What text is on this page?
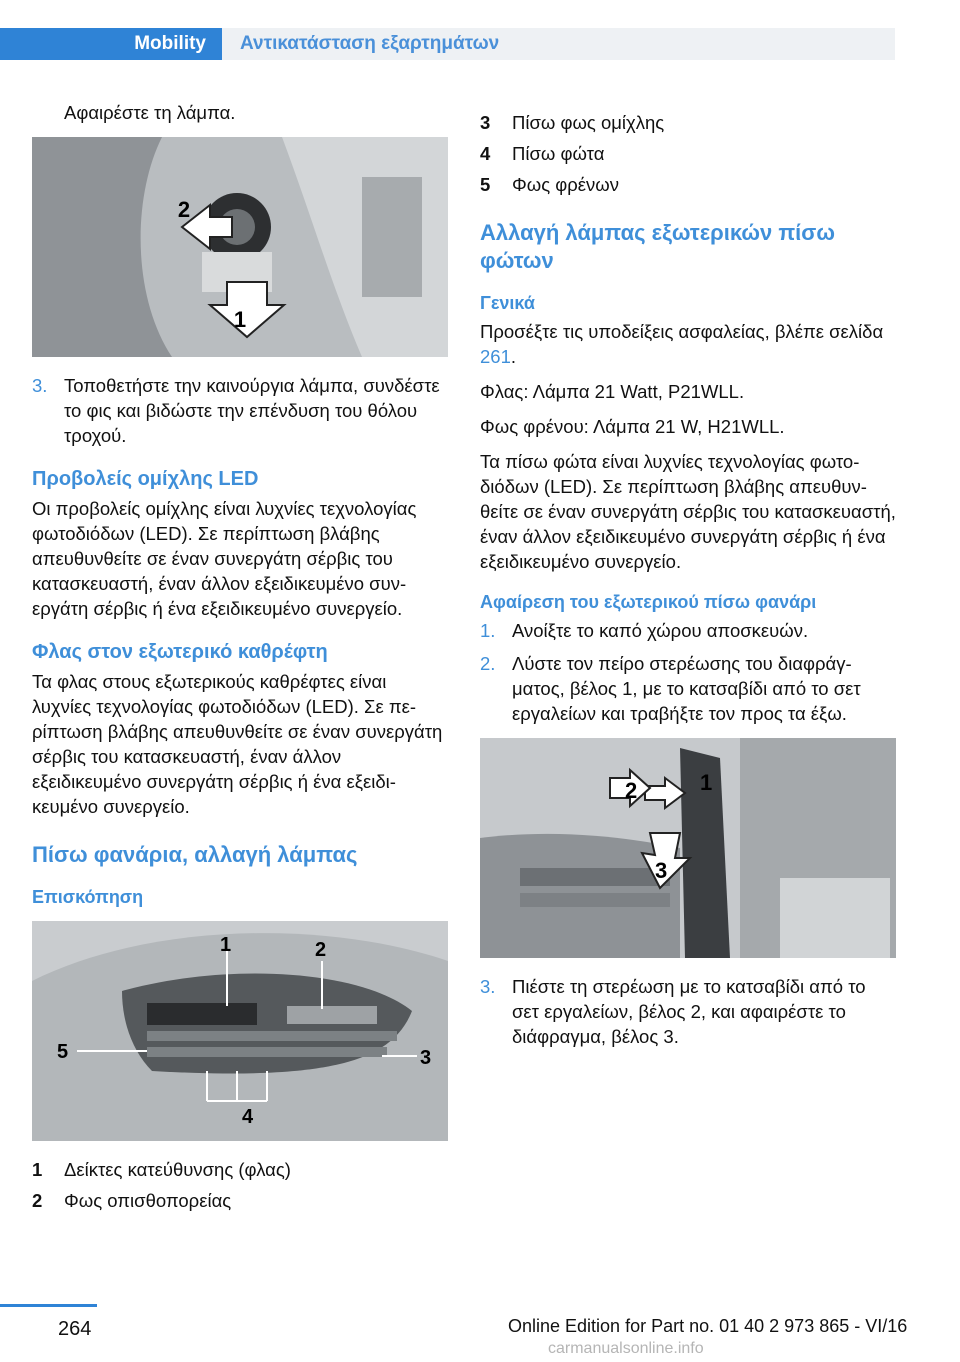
Mobility	Αντικατάσταση εξαρτημάτων
Αφαιρέστε τη λάμπα.
1
2
3. Τοποθετήστε την καινούργια λάμπα, συνδέστε το φις και βιδώστε την επένδυση του θόλου τροχού.
Προβολείς ομίχλης LED
Οι προβολείς ομίχλης είναι λυχνίες τεχνολογίας φωτοδιόδων (LED). Σε περίπτωση βλάβης απευθυνθείτε σε έναν συνεργάτη σέρβις του κατασκευαστή, έναν άλλον εξειδικευμένο συνεργάτη σέρβις ή ένα εξειδικευμένο συνεργείο.
Φλας στον εξωτερικό καθρέφτη
Τα φλας στους εξωτερικούς καθρέφτες είναι λυχνίες τεχνολογίας φωτοδιόδων (LED). Σε περίπτωση βλάβης απευθυνθείτε σε έναν συνεργάτη σέρβις του κατασκευαστή, έναν άλλον εξειδικευμένο συνεργάτη σέρβις ή ένα εξειδικευμένο συνεργείο.
Πίσω φανάρια, αλλαγή λάμπας
Επισκόπηση
1	2
5	3
4
1 Δείκτες κατεύθυνσης (φλας)
2 Φως οπισθοπορείας
3 Πίσω φως ομίχλης
4 Πίσω φώτα
5 Φως φρένων
Αλλαγή λάμπας εξωτερικών πίσω φώτων
Γενικά
Προσέξτε τις υποδείξεις ασφαλείας, βλέπε σελίδα 261.
Φλας: Λάμπα 21 Watt, P21WLL.
Φως φρένου: Λάμπα 21 W, H21WLL.
Τα πίσω φώτα είναι λυχνίες τεχνολογίας φωτοδιόδων (LED). Σε περίπτωση βλάβης απευθυνθείτε σε έναν συνεργάτη σέρβις του κατασκευαστή, έναν άλλον εξειδικευμένο συνεργάτη σέρβις ή ένα εξειδικευμένο συνεργείο.
Αφαίρεση του εξωτερικού πίσω φανάρι
1. Ανοίξτε το καπό χώρου αποσκευών.
2. Λύστε τον πείρο στερέωσης του διαφράγματος, βέλος 1, με το κατσαβίδι από το σετ εργαλείων και τραβήξτε τον προς τα έξω.
1
2
3
3. Πιέστε τη στερέωση με το κατσαβίδι από το σετ εργαλείων, βέλος 2, και αφαιρέστε το διάφραγμα, βέλος 3.
264	Online Edition for Part no. 01 40 2 973 865 - VI/16
carmanualsonline.info
